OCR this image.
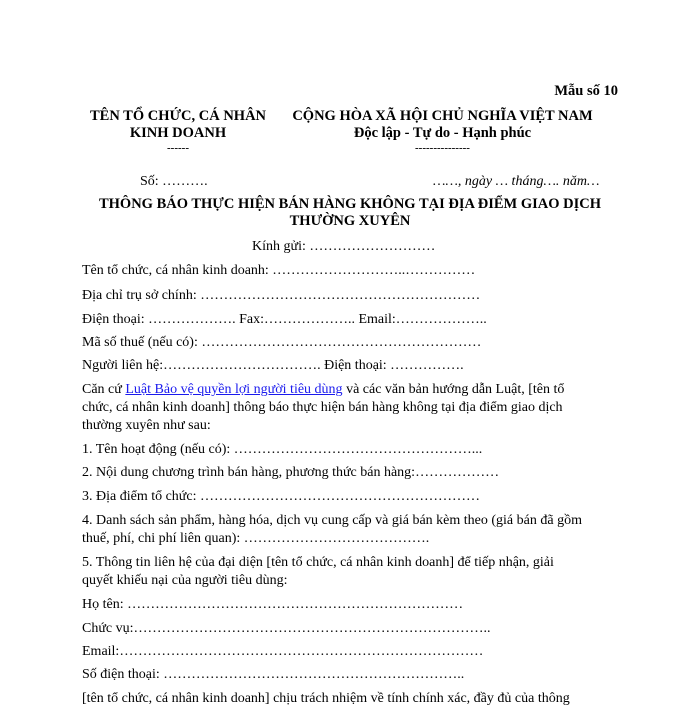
Mẫu số 10
TÊN TỔ CHỨC, CÁ NHÂN
KINH DOANH
------
CỘNG HÒA XÃ HỘI CHỦ NGHĨA VIỆT NAM
Độc lập - Tự do - Hạnh phúc
---------------
Số: ……….	……, ngày … tháng…. năm…
THÔNG BÁO THỰC HIỆN BÁN HÀNG KHÔNG TẠI ĐỊA ĐIỂM GIAO DỊCH
THƯỜNG XUYÊN
Kính gửi: ………………………
Tên tổ chức, cá nhân kinh doanh: ………………………..……………
Địa chỉ trụ sở chính: ……………………………………………………
Điện thoại: ………………. Fax:……………….. Email:………………..
Mã số thuế (nếu có): ……………………………………………………
Người liên hệ:……………………………. Điện thoại: …………….
Căn cứ Luật Bảo vệ quyền lợi người tiêu dùng và các văn bản hướng dẫn Luật, [tên tổ
chức, cá nhân kinh doanh] thông báo thực hiện bán hàng không tại địa điểm giao dịch
thường xuyên như sau:
1. Tên hoạt động (nếu có): ……………………………………………...
2. Nội dung chương trình bán hàng, phương thức bán hàng:………………
3. Địa điểm tổ chức: ……………………………………………………
4. Danh sách sản phẩm, hàng hóa, dịch vụ cung cấp và giá bán kèm theo (giá bán đã gồm
thuế, phí, chi phí liên quan): ………………………………….
5. Thông tin liên hệ của đại diện [tên tổ chức, cá nhân kinh doanh] để tiếp nhận, giải
quyết khiếu nại của người tiêu dùng:
Họ tên: ………………………………………………………………
Chức vụ:…………………………………………………………………..
Email:……………………………………………………………………
Số điện thoại: ………………………………………………………..
[tên tổ chức, cá nhân kinh doanh] chịu trách nhiệm về tính chính xác, đầy đủ của thông
